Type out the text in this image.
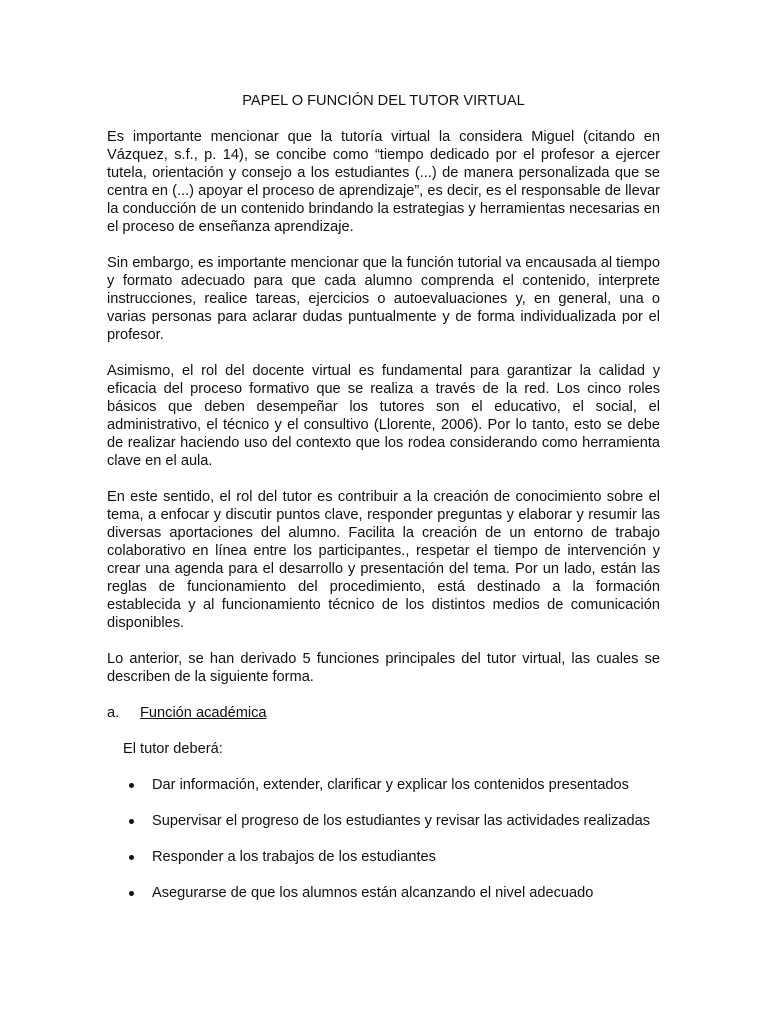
PAPEL O FUNCIÓN DEL TUTOR VIRTUAL

Es importante mencionar que la tutoría virtual la considera Miguel (citando en Vázquez, s.f., p. 14), se concibe como “tiempo dedicado por el profesor a ejercer tutela, orientación y consejo a los estudiantes (...) de manera personalizada que se centra en (...) apoyar el proceso de aprendizaje”, es decir, es el responsable de llevar la conducción de un contenido brindando la estrategias y herramientas necesarias en el proceso de enseñanza aprendizaje.

Sin embargo, es importante mencionar que la función tutorial va encausada al tiempo y formato adecuado para que cada alumno comprenda el contenido, interprete instrucciones, realice tareas, ejercicios o autoevaluaciones y, en general, una o varias personas para aclarar dudas puntualmente y de forma individualizada por el profesor.

Asimismo, el rol del docente virtual es fundamental para garantizar la calidad y eficacia del proceso formativo que se realiza a través de la red. Los cinco roles básicos que deben desempeñar los tutores son el educativo, el social, el administrativo, el técnico y el consultivo (Llorente, 2006). Por lo tanto, esto se debe de realizar haciendo uso del contexto que los rodea considerando como herramienta clave en el aula.

En este sentido, el rol del tutor es contribuir a la creación de conocimiento sobre el tema, a enfocar y discutir puntos clave, responder preguntas y elaborar y resumir las diversas aportaciones del alumno. Facilita la creación de un entorno de trabajo colaborativo en línea entre los participantes., respetar el tiempo de intervención y crear una agenda para el desarrollo y presentación del tema. Por un lado, están las reglas de funcionamiento del procedimiento, está destinado a la formación establecida y al funcionamiento técnico de los distintos medios de comunicación disponibles.

Lo anterior, se han derivado 5 funciones principales del tutor virtual, las cuales se describen de la siguiente forma.

a.	Función académica

El tutor deberá:

Dar información, extender, clarificar y explicar los contenidos presentados
Supervisar el progreso de los estudiantes y revisar las actividades realizadas
Responder a los trabajos de los estudiantes
Asegurarse de que los alumnos están alcanzando el nivel adecuado
